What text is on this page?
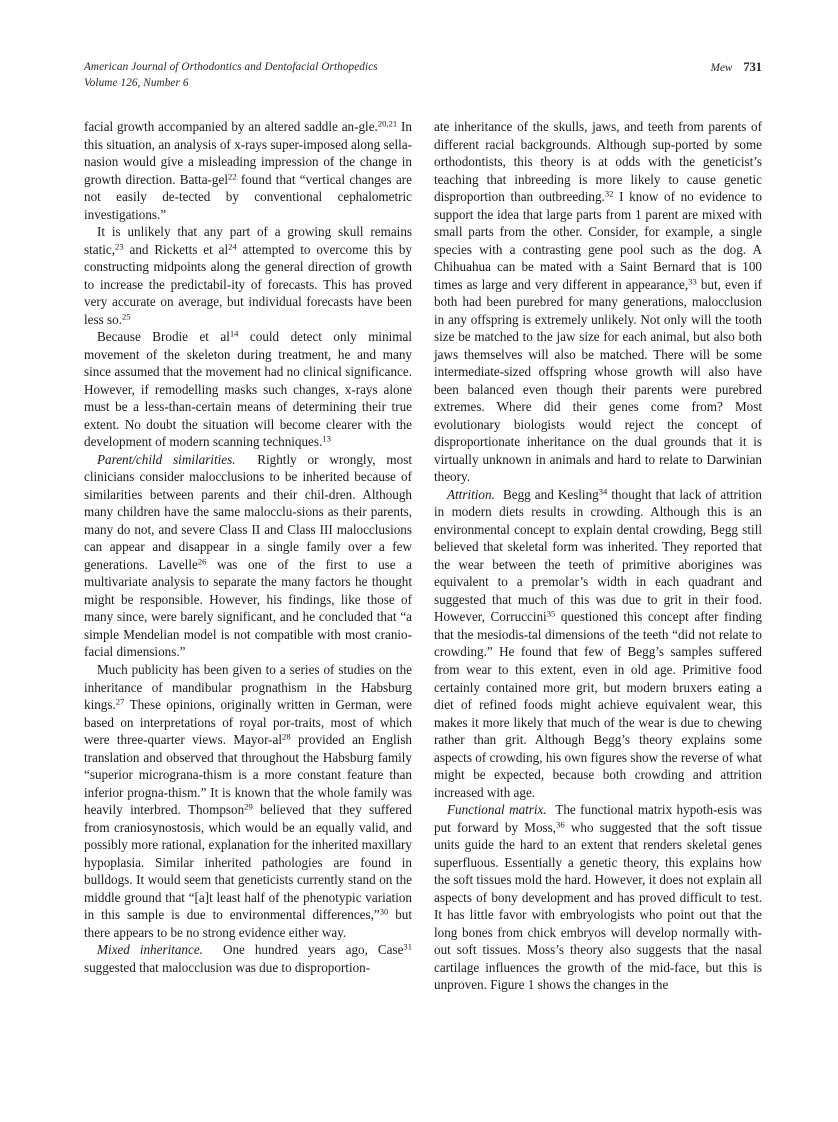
American Journal of Orthodontics and Dentofacial Orthopedics
Volume 126, Number 6
Mew 731

facial growth accompanied by an altered saddle an-gle.$^{20,21}$ In this situation, an analysis of x-rays super-imposed along sella-nasion would give a misleading impression of the change in growth direction. Batta-gel$^{22}$ found that “vertical changes are not easily de-tected by conventional cephalometric investigations.”

It is unlikely that any part of a growing skull remains static,$^{23}$ and Ricketts et $al^{24}$ attempted to overcome this by constructing midpoints along the general direction of growth to increase the predictabil-ity of forecasts. This has proved very accurate on average, but individual forecasts have been less so.$^{25}$

Because Brodie et $al^{14}$ could detect only minimal movement of the skeleton during treatment, he and many since assumed that the movement had no clinical significance. However, if remodelling masks such changes, x-rays alone must be a less-than-certain means of determining their true extent. No doubt the situation will become clearer with the development of modern scanning techniques.$^{13}$

Parent/child similarities. Rightly or wrongly, most clinicians consider malocclusions to be inherited because of similarities between parents and their chil-dren. Although many children have the same malocclu-sions as their parents, many do not, and severe Class II and Class III malocclusions can appear and disappear in a single family over a few generations. Lavelle$^{26}$ was one of the first to use a multivariate analysis to separate the many factors he thought might be responsible. However, his findings, like those of many since, were barely significant, and he concluded that “a simple Mendelian model is not compatible with most cranio-facial dimensions.”

Much publicity has been given to a series of studies on the inheritance of mandibular prognathism in the Habsburg kings.$^{27}$ These opinions, originally written in German, were based on interpretations of royal por-traits, most of which were three-quarter views. Mayor-$al^{28}$ provided an English translation and observed that throughout the Habsburg family “superior micrograna-thism is a more constant feature than inferior progna-thism.” It is known that the whole family was heavily interbred. Thompson$^{29}$ believed that they suffered from craniosynostosis, which would be an equally valid, and possibly more rational, explanation for the inherited maxillary hypoplasia. Similar inherited pathologies are found in bulldogs. It would seem that geneticists currently stand on the middle ground that “[a]t least half of the phenotypic variation in this sample is due to environmental differences,”$^{30}$ but there appears to be no strong evidence either way.

Mixed inheritance. One hundred years ago, Case$^{31}$ suggested that malocclusion was due to disproportion-

ate inheritance of the skulls, jaws, and teeth from parents of different racial backgrounds. Although sup-ported by some orthodontists, this theory is at odds with the geneticist’s teaching that inbreeding is more likely to cause genetic disproportion than outbreeding.$^{32}$ I know of no evidence to support the idea that large parts from 1 parent are mixed with small parts from the other. Consider, for example, a single species with a contrasting gene pool such as the dog. A Chihuahua can be mated with a Saint Bernard that is 100 times as large and very different in appearance,$^{33}$ but, even if both had been purebred for many generations, malocclusion in any offspring is extremely unlikely. Not only will the tooth size be matched to the jaw size for each animal, but also both jaws themselves will also be matched. There will be some intermediate-sized offspring whose growth will also have been balanced even though their parents were purebred extremes. Where did their genes come from? Most evolutionary biologists would reject the concept of disproportionate inheritance on the dual grounds that it is virtually unknown in animals and hard to relate to Darwinian theory.

Attrition. Begg and Kesling$^{34}$ thought that lack of attrition in modern diets results in crowding. Although this is an environmental concept to explain dental crowding, Begg still believed that skeletal form was inherited. They reported that the wear between the teeth of primitive aborigines was equivalent to a premolar’s width in each quadrant and suggested that much of this was due to grit in their food. However, Corruccini$^{35}$ questioned this concept after finding that the mesiodis-tal dimensions of the teeth “did not relate to crowding.” He found that few of Begg’s samples suffered from wear to this extent, even in old age. Primitive food certainly contained more grit, but modern bruxers eating a diet of refined foods might achieve equivalent wear, this makes it more likely that much of the wear is due to chewing rather than grit. Although Begg’s theory explains some aspects of crowding, his own figures show the reverse of what might be expected, because both crowding and attrition increased with age.

Functional matrix. The functional matrix hypoth-esis was put forward by Moss,$^{36}$ who suggested that the soft tissue units guide the hard to an extent that renders skeletal genes superfluous. Essentially a genetic theory, this explains how the soft tissues mold the hard. However, it does not explain all aspects of bony development and has proved difficult to test. It has little favor with embryologists who point out that the long bones from chick embryos will develop normally with-out soft tissues. Moss’s theory also suggests that the nasal cartilage influences the growth of the mid-face, but this is unproven. Figure 1 shows the changes in the
